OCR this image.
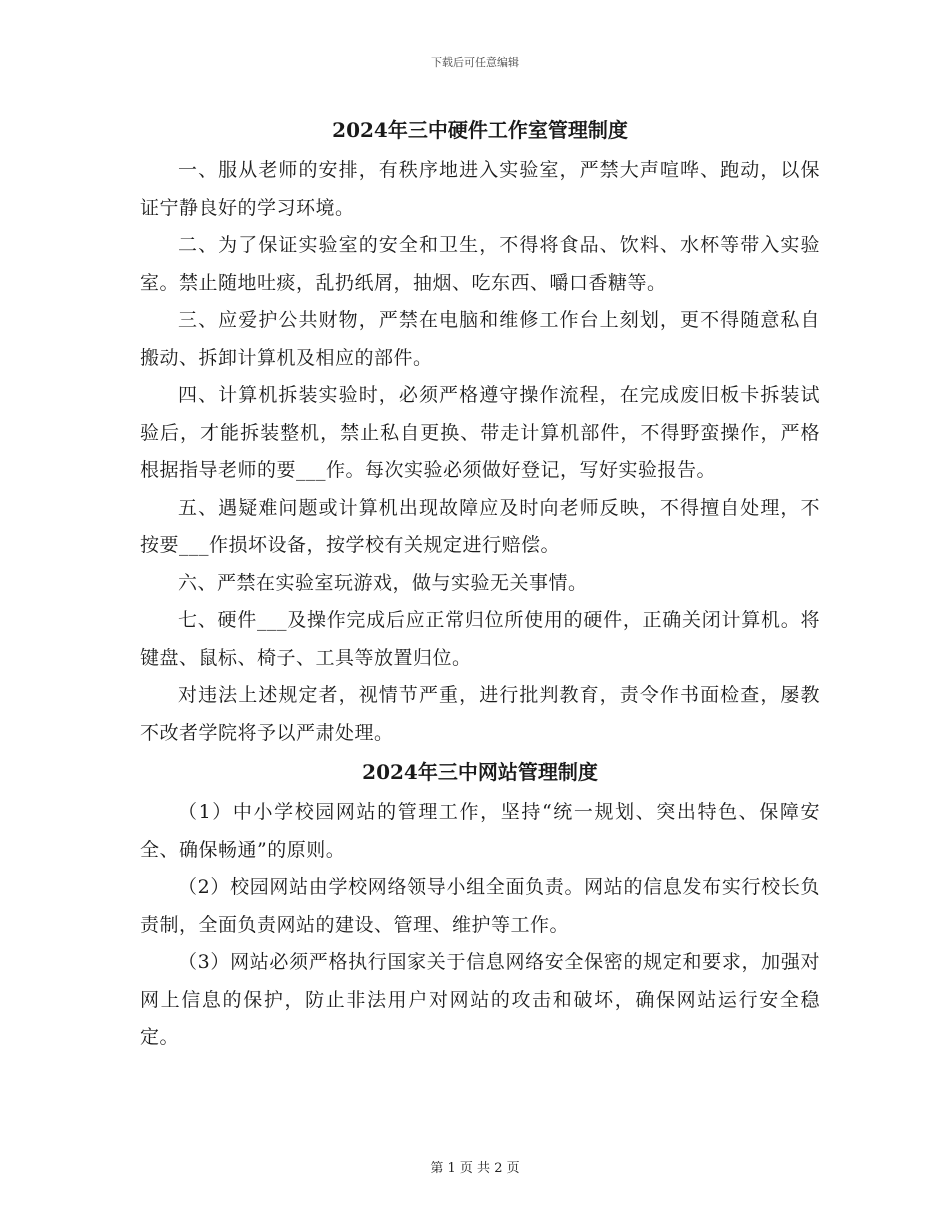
下载后可任意编辑
2024年三中硬件工作室管理制度

一、服从老师的安排，有秩序地进入实验室，严禁大声喧哗、跑动，以保证宁静良好的学习环境。

二、为了保证实验室的安全和卫生，不得将食品、饮料、水杯等带入实验室。禁止随地吐痰，乱扔纸屑，抽烟、吃东西、嚼口香糖等。

三、应爱护公共财物，严禁在电脑和维修工作台上刻划，更不得随意私自搬动、拆卸计算机及相应的部件。

四、计算机拆装实验时，必须严格遵守操作流程，在完成废旧板卡拆装试验后，才能拆装整机，禁止私自更换、带走计算机部件，不得野蛮操作，严格根据指导老师的要___作。每次实验必须做好登记，写好实验报告。

五、遇疑难问题或计算机出现故障应及时向老师反映，不得擅自处理，不按要___作损坏设备，按学校有关规定进行赔偿。

六、严禁在实验室玩游戏，做与实验无关事情。

七、硬件___及操作完成后应正常归位所使用的硬件，正确关闭计算机。将键盘、鼠标、椅子、工具等放置归位。

对违法上述规定者，视情节严重，进行批判教育，责令作书面检查，屡教不改者学院将予以严肃处理。

2024年三中网站管理制度

（1）中小学校园网站的管理工作，坚持“统一规划、突出特色、保障安全、确保畅通”的原则。

（2）校园网站由学校网络领导小组全面负责。网站的信息发布实行校长负责制，全面负责网站的建设、管理、维护等工作。

（3）网站必须严格执行国家关于信息网络安全保密的规定和要求，加强对网上信息的保护，防止非法用户对网站的攻击和破坏，确保网站运行安全稳定。

第 1 页 共 2 页
